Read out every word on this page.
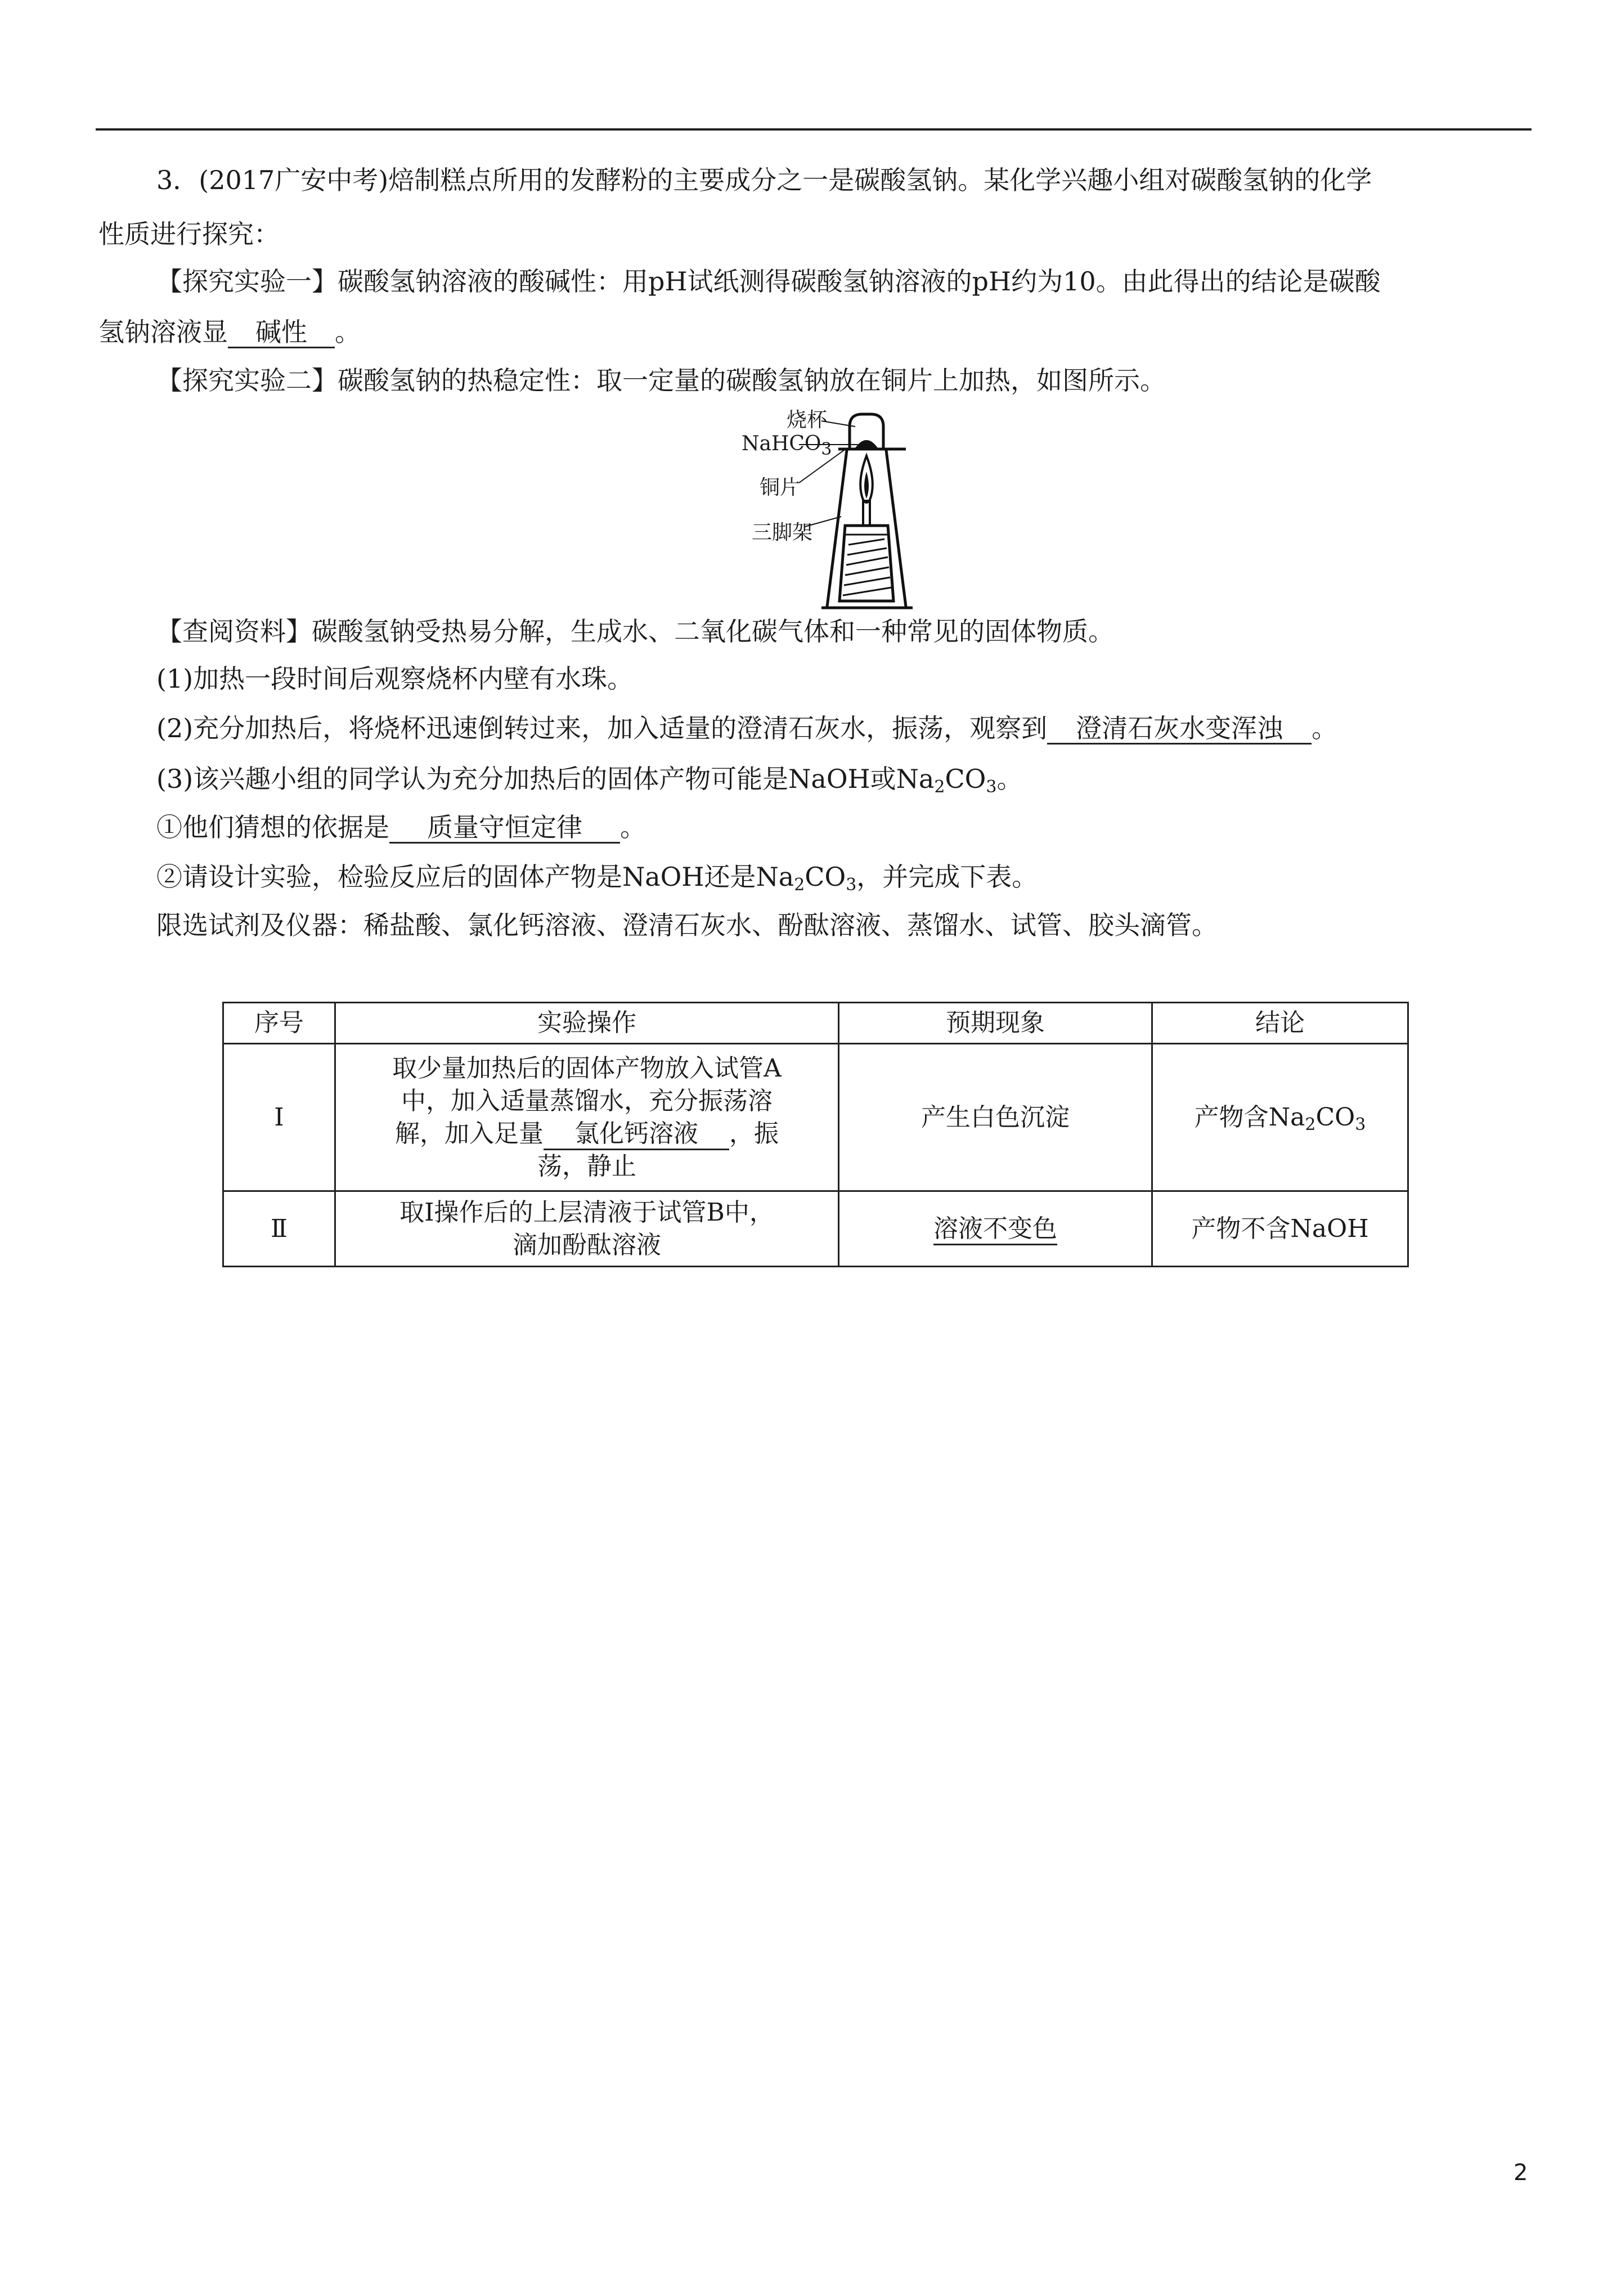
3．(2017广安中考)焙制糕点所用的发酵粉的主要成分之一是碳酸氢钠。某化学兴趣小组对碳酸氢钠的化学
性质进行探究：
【探究实验一】碳酸氢钠溶液的酸碱性：用pH试纸测得碳酸氢钠溶液的pH约为10。由此得出的结论是碳酸
氢钠溶液显 碱性 。
【探究实验二】碳酸氢钠的热稳定性：取一定量的碳酸氢钠放在铜片上加热，如图所示。
烧杯
NaHCO$_3$
铜片
三脚架
【查阅资料】碳酸氢钠受热易分解，生成水、二氧化碳气体和一种常见的固体物质。
(1)加热一段时间后观察烧杯内壁有水珠。
(2)充分加热后，将烧杯迅速倒转过来，加入适量的澄清石灰水，振荡，观察到 澄清石灰水变浑浊 。
(3)该兴趣小组的同学认为充分加热后的固体产物可能是NaOH或$Na_2CO_3$。
①他们猜想的依据是 质量守恒定律 。
②请设计实验，检验反应后的固体产物是NaOH还是$Na_2CO_3$，并完成下表。
限选试剂及仪器：稀盐酸、氯化钙溶液、澄清石灰水、酚酞溶液、蒸馏水、试管、胶头滴管。
序号	实验操作	预期现象	结论
Ⅰ	取少量加热后的固体产物放入试管A
中，加入适量蒸馏水，充分振荡溶
解，加入足量 氯化钙溶液 ，振
荡，静止	产生白色沉淀	产物含$Na_2CO_3$
Ⅱ	取Ⅰ操作后的上层清液于试管B中，
滴加酚酞溶液	溶液不变色	产物不含NaOH
2
